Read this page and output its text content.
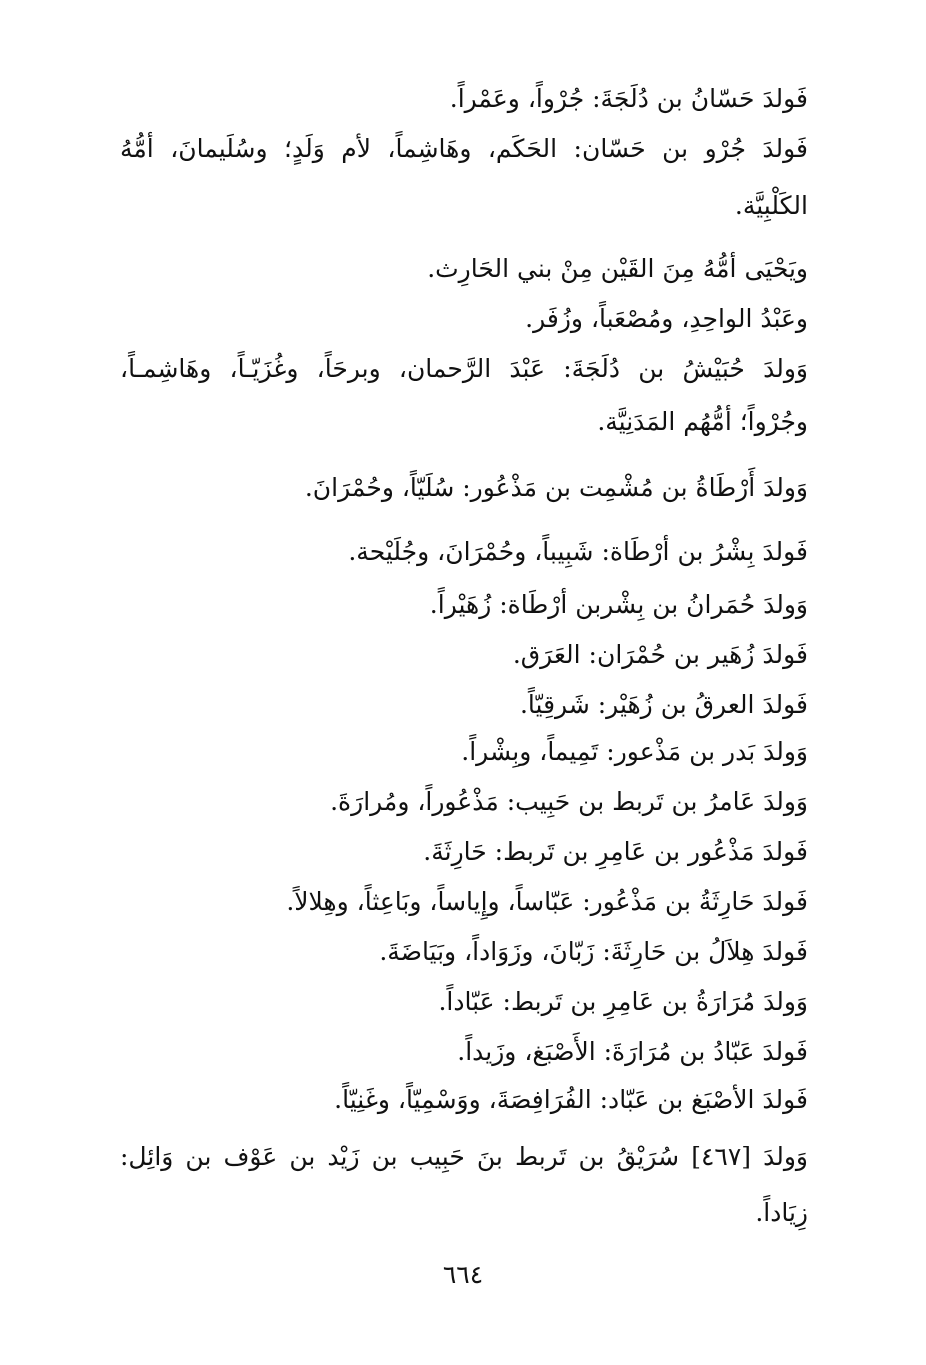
فَولدَ حَسّانُ بن دُلَجَةَ: جُرْواً، وعَمْراً.
فَولدَ جُرْو بن حَسّان: الحَكَم، وهَاشِماً، لأم وَلَدٍ؛ وسُلَيمانَ، أمُّهُ
الكَلْبِيَّة.
ويَحْيَى أمُّهُ مِنَ القَيْن مِنْ بني الحَارِث.
وعَبْدُ الواحِدِ، ومُصْعَباً، وزُفَر.
وَولدَ حُبَيْشُ بن دُلَجَةَ: عَبْدَ الرَّحمان، وبرحَاً، وغُزَيّـاً، وهَاشِمـاً،
وجُرْواً؛ أمُّهُم المَدَنِيَّة.
وَولدَ أَرْطَاةُ بن مُشْمِت بن مَذْعُور: سُلَيّاً، وحُمْرَانَ.
فَولدَ بِشْرُ بن أرْطَاة: شَبِيباً، وحُمْرَانَ، وجُلَيْحة.
وَولدَ حُمَرانُ بن بِشْربن أرْطَاة: زُهَيْراً.
فَولدَ زُهَير بن حُمْرَان: العَرَق.
فَولدَ العرقُ بن زُهَيْر: شَرقِيّاً.
وَولدَ بَدر بن مَذْعور: تَمِيماً، وبِشْراً.
وَولدَ عَامرُ بن تَربط بن حَبِيب: مَذْعُوراً، ومُرارَةَ.
فَولدَ مَذْعُور بن عَامِرِ بن تَربط: حَارِثَةَ.
فَولدَ حَارِثَةُ بن مَذْعُور: عَبّاساً، وإِياساً، وبَاعِثاً، وهِلالاً.
فَولدَ هِلاَلُ بن حَارِثَةَ: زَبّانَ، وزَوَاداً، وبَيَاضَةَ.
وَولدَ مُرَارَةُ بن عَامِرِ بن تَربط: عَبّاداً.
فَولدَ عَبّادُ بن مُرَارَةَ: الأَصْبَغ، وزَيداً.
فَولدَ الأصْبَغ بن عَبّاد: الفُرَافِصَةَ، ووَسْمِيّاً، وغَنِيّاً.
وَولدَ [٤٦٧] سُرَيْقُ بن تَربط بنَ حَبِيب بن زَيْد بن عَوْف بن وَائِل:
زِيَاداً.
٦٦٤
